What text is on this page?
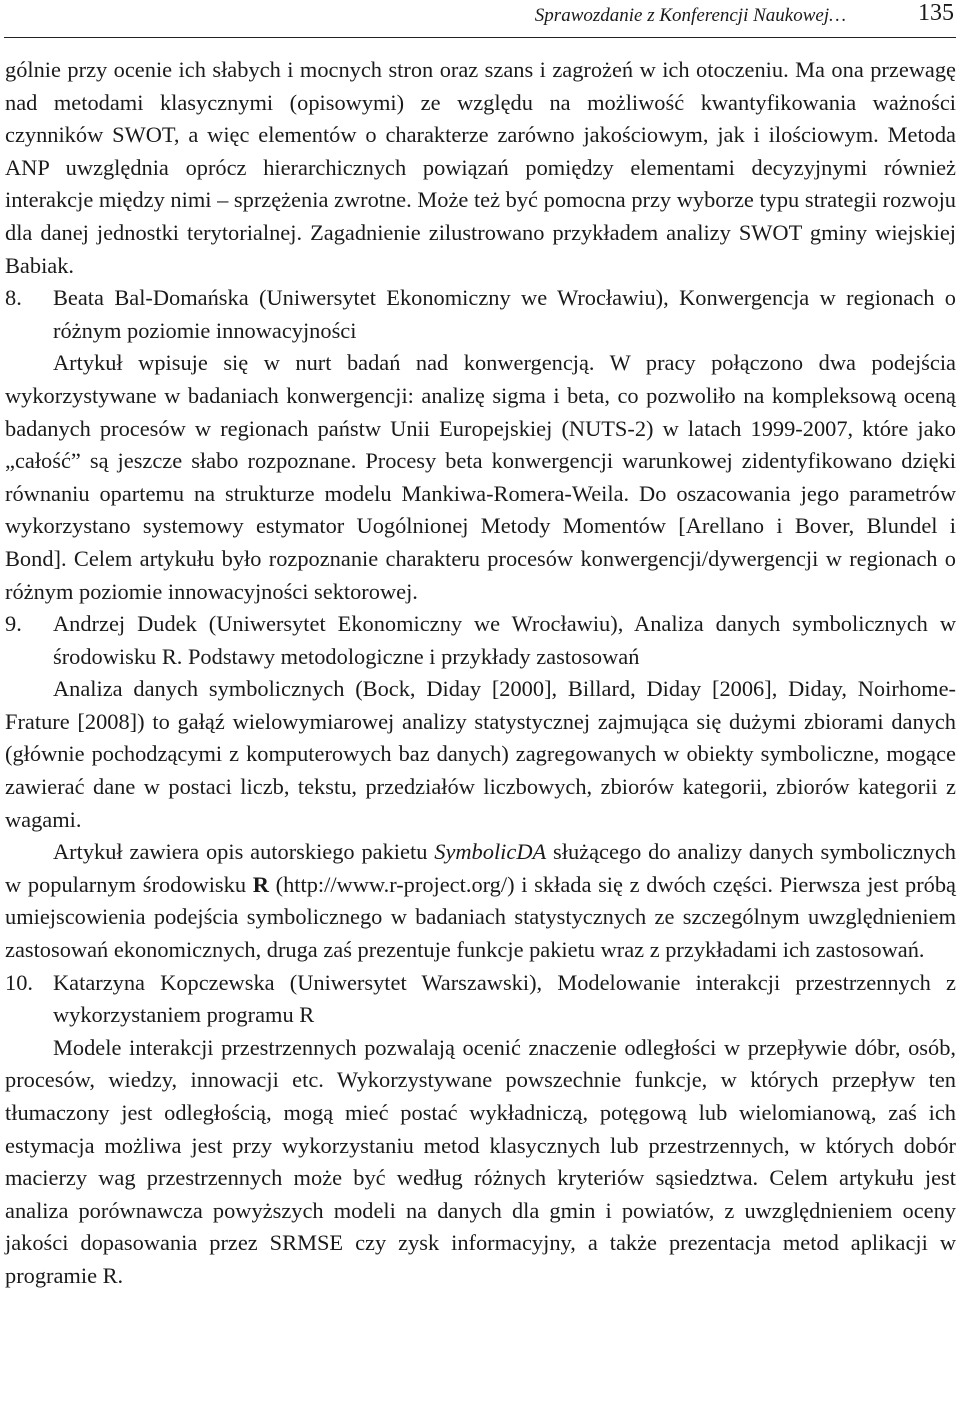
Sprawozdanie z Konferencji Naukowej…	135

gólnie przy ocenie ich słabych i mocnych stron oraz szans i zagrożeń w ich otoczeniu. Ma ona przewagę nad metodami klasycznymi (opisowymi) ze względu na możliwość kwantyfikowania ważności czynników SWOT, a więc elementów o charakterze zarówno jakościowym, jak i ilościowym. Metoda ANP uwzględnia oprócz hierarchicznych powiązań pomiędzy elementami decyzyjnymi również interakcje między nimi – sprzężenia zwrotne. Może też być pomocna przy wyborze typu strategii rozwoju dla danej jednostki terytorialnej. Zagadnienie zilustrowano przykładem analizy SWOT gminy wiejskiej Babiak.

8.	Beata Bal-Domańska (Uniwersytet Ekonomiczny we Wrocławiu), Konwergencja w regionach o różnym poziomie innowacyjności

Artykuł wpisuje się w nurt badań nad konwergencją. W pracy połączono dwa podejścia wykorzystywane w badaniach konwergencji: analizę sigma i beta, co pozwoliło na kompleksową oceną badanych procesów w regionach państw Unii Europejskiej (NUTS-2) w latach 1999-2007, które jako „całość” są jeszcze słabo rozpoznane. Procesy beta konwergencji warunkowej zidentyfikowano dzięki równaniu opartemu na strukturze modelu Mankiwa-Romera-Weila. Do oszacowania jego parametrów wykorzystano systemowy estymator Uogólnionej Metody Momentów [Arellano i Bover, Blundel i Bond]. Celem artykułu było rozpoznanie charakteru procesów konwergencji/dywergencji w regionach o różnym poziomie innowacyjności sektorowej.

9.	Andrzej Dudek (Uniwersytet Ekonomiczny we Wrocławiu), Analiza danych symbolicznych w środowisku R. Podstawy metodologiczne i przykłady zastosowań

Analiza danych symbolicznych (Bock, Diday [2000], Billard, Diday [2006], Diday, Noirhome-Frature [2008]) to gałąź wielowymiarowej analizy statystycznej zajmująca się dużymi zbiorami danych (głównie pochodzącymi z komputerowych baz danych) zagregowanych w obiekty symboliczne, mogące zawierać dane w postaci liczb, tekstu, przedziałów liczbowych, zbiorów kategorii, zbiorów kategorii z wagami.

Artykuł zawiera opis autorskiego pakietu SymbolicDA służącego do analizy danych symbolicznych w popularnym środowisku R (http://www.r-project.org/) i składa się z dwóch części. Pierwsza jest próbą umiejscowienia podejścia symbolicznego w badaniach statystycznych ze szczególnym uwzględnieniem zastosowań ekonomicznych, druga zaś prezentuje funkcje pakietu wraz z przykładami ich zastosowań.

10. Katarzyna Kopczewska (Uniwersytet Warszawski), Modelowanie interakcji przestrzennych z wykorzystaniem programu R

Modele interakcji przestrzennych pozwalają ocenić znaczenie odległości w przepływie dóbr, osób, procesów, wiedzy, innowacji etc. Wykorzystywane powszechnie funkcje, w których przepływ ten tłumaczony jest odległością, mogą mieć postać wykładniczą, potęgową lub wielomianową, zaś ich estymacja możliwa jest przy wykorzystaniu metod klasycznych lub przestrzennych, w których dobór macierzy wag przestrzennych może być według różnych kryteriów sąsiedztwa. Celem artykułu jest analiza porównawcza powyższych modeli na danych dla gmin i powiatów, z uwzględnieniem oceny jakości dopasowania przez SRMSE czy zysk informacyjny, a także prezentacja metod aplikacji w programie R.
